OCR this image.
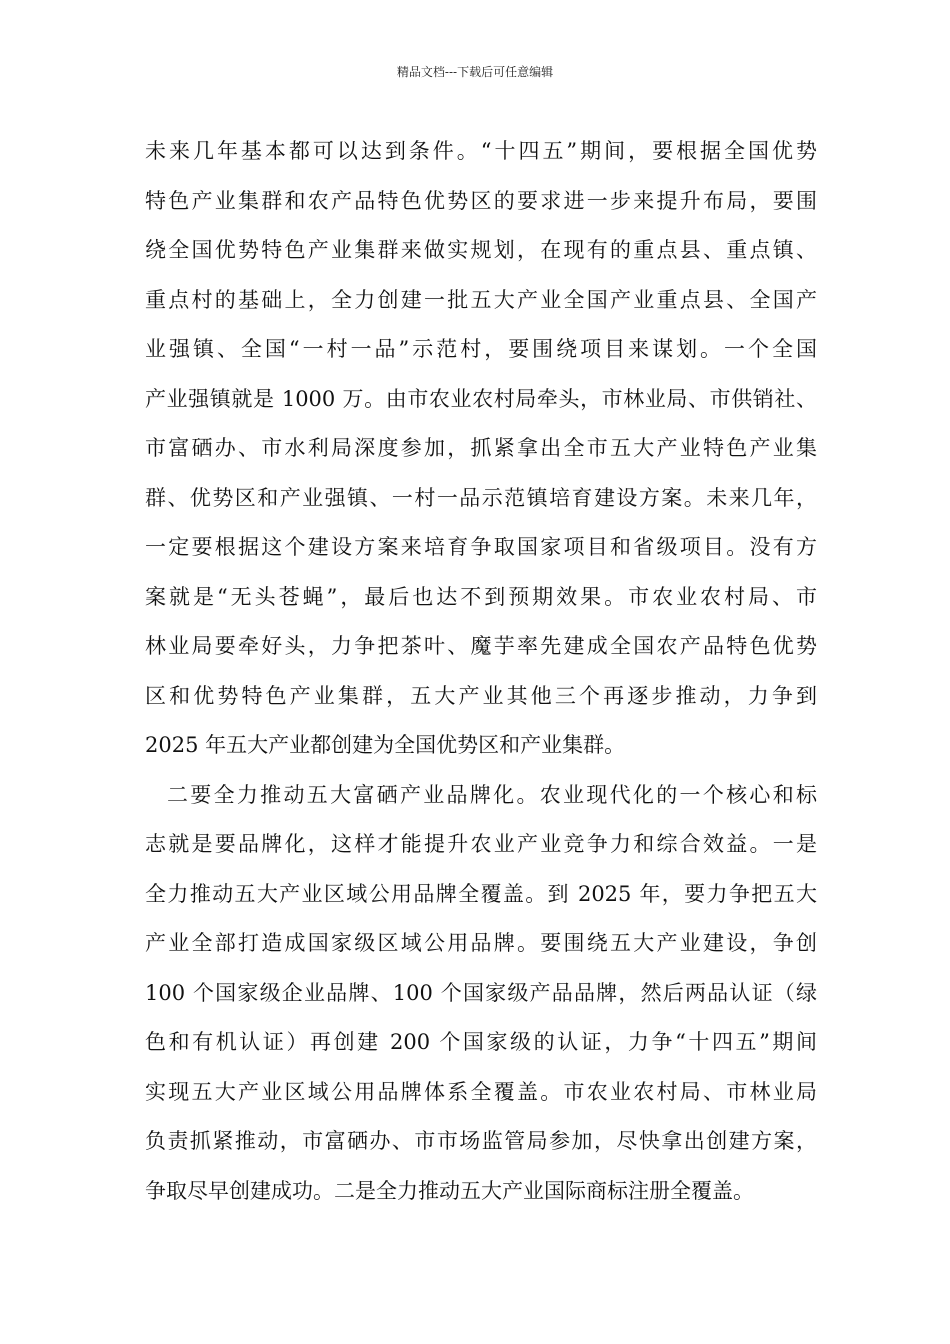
精品文档---下载后可任意编辑
未来几年基本都可以达到条件。“十四五”期间，要根据全国优势
特色产业集群和农产品特色优势区的要求进一步来提升布局，要围
绕全国优势特色产业集群来做实规划，在现有的重点县、重点镇、
重点村的基础上，全力创建一批五大产业全国产业重点县、全国产
业强镇、全国“一村一品”示范村，要围绕项目来谋划。一个全国
产业强镇就是 1000 万。由市农业农村局牵头，市林业局、市供销社、
市富硒办、市水利局深度参加，抓紧拿出全市五大产业特色产业集
群、优势区和产业强镇、一村一品示范镇培育建设方案。未来几年，
一定要根据这个建设方案来培育争取国家项目和省级项目。没有方
案就是“无头苍蝇”，最后也达不到预期效果。市农业农村局、市
林业局要牵好头，力争把茶叶、魔芋率先建成全国农产品特色优势
区和优势特色产业集群，五大产业其他三个再逐步推动，力争到
2025 年五大产业都创建为全国优势区和产业集群。
二要全力推动五大富硒产业品牌化。农业现代化的一个核心和标
志就是要品牌化，这样才能提升农业产业竞争力和综合效益。一是
全力推动五大产业区域公用品牌全覆盖。到 2025 年，要力争把五大
产业全部打造成国家级区域公用品牌。要围绕五大产业建设，争创
100 个国家级企业品牌、100 个国家级产品品牌，然后两品认证（绿
色和有机认证）再创建 200 个国家级的认证，力争“十四五”期间
实现五大产业区域公用品牌体系全覆盖。市农业农村局、市林业局
负责抓紧推动，市富硒办、市市场监管局参加，尽快拿出创建方案，
争取尽早创建成功。二是全力推动五大产业国际商标注册全覆盖。
